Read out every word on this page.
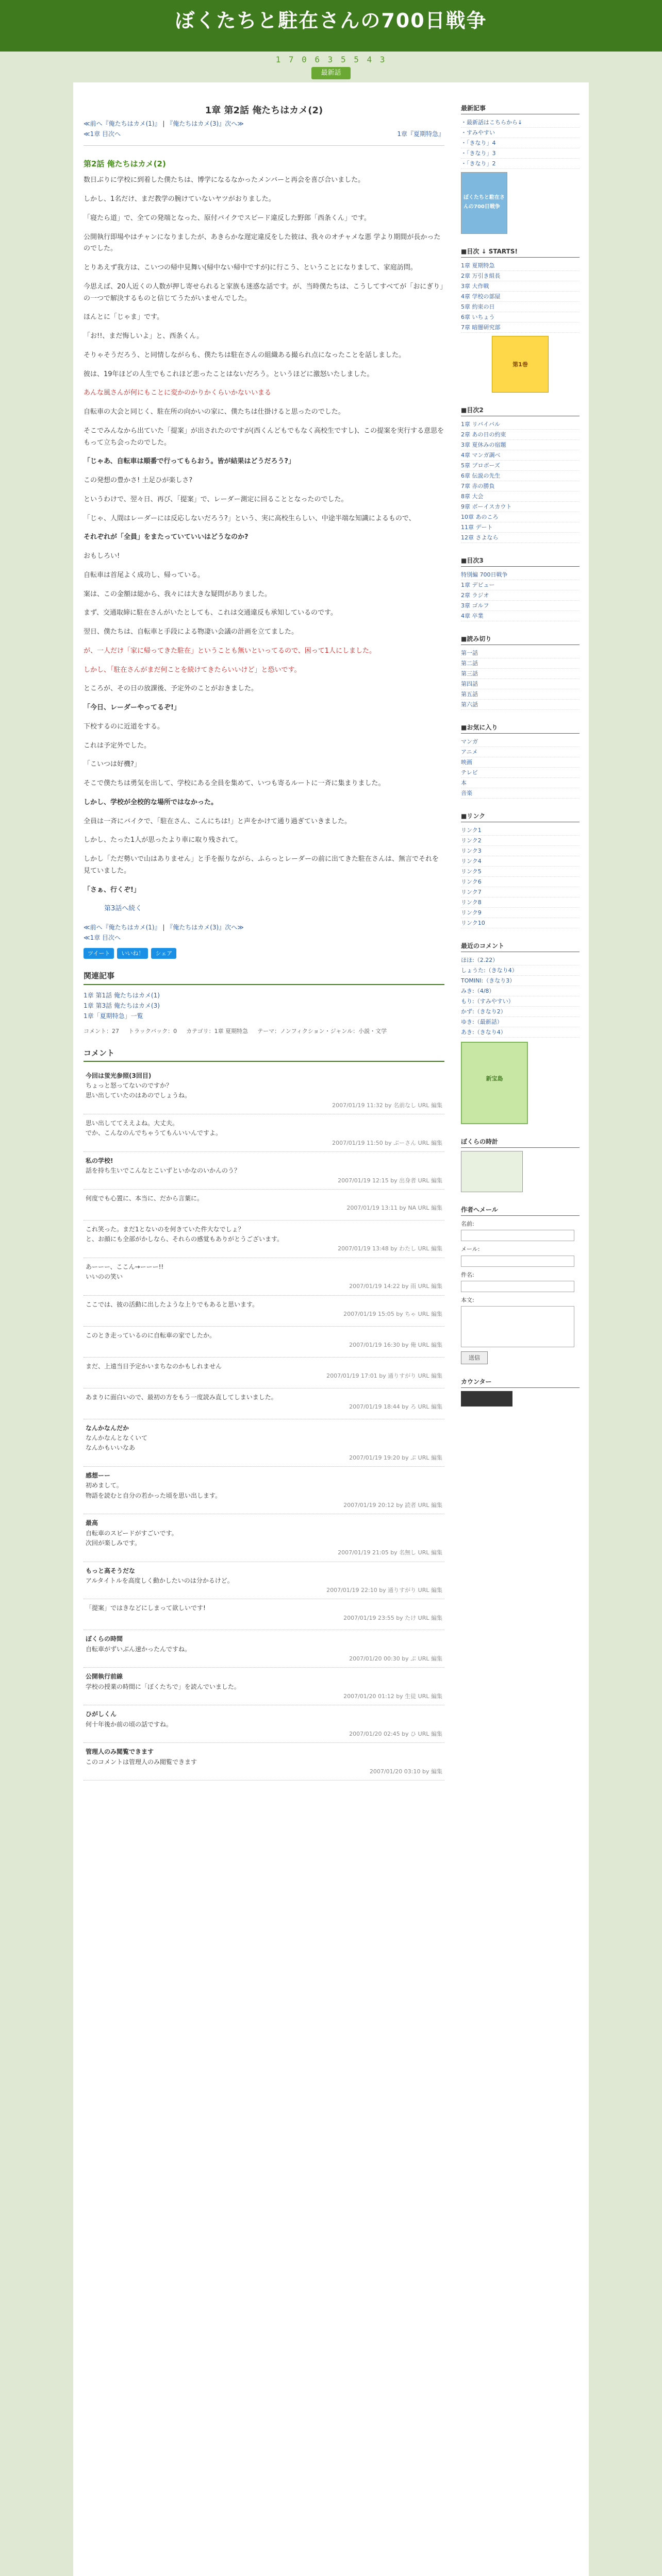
ぼくたちと駐在さんの700日戦争
1 7 0 6 3 5 5 4 3
最新話
1章 第2話 俺たちはカメ(2)
≪前へ『俺たちはカメ(1)』 | 『俺たちはカメ(3)』次へ≫
≪1章 目次へ	1章『夏期特急』
第2話 俺たちはカメ(2)

数日ぶりに学校に到着した僕たちは、博学になるなかったメンバーと再会を喜び合いました。

しかし、1名だけ、まだ教学の腕けていないヤツがおりました。

「寝たら道」で、全ての発端となった、原付バイクでスピード違反した野郎「西条くん」です。

公開執行即場やはチャンになりましたが、あきらかな遅定違反をした彼は、我々のオチャメな悪 学より期間が長かったのでした。

とりあえず我方は、こいつの帰中見舞い(帰中ない帰中ですが)に行こう、ということになりまして、家庭訪問。

今思えば、20人近くの人数が押し寄せられると家族も迷惑な話です。が、当時僕たちは、こうしてすべてが「おにぎり」の一つで解決するものと信じてうたがいませんでした。

ほんとに「じゃま」です。

「お!!、まだ悔しいよ」と、西条くん。

そりゃそうだろう、と同情しながらも、僕たちは駐在さんの組織ある撮られ点になったことを話しました。

彼は、19年ほどの人生でもこれほど悲ったことはないだろう。というほどに激怒いたしました。

あんな風さんが何にもことに変かのかりかくらいかないいまる

自転車の大会と同じく、駐在所の向かいの家に、僕たちは仕掛けると思ったのでした。

そこでみんなから出ていた「提案」が出されたのですが(西くんどもでもなく高校生ですし)、この提案を実行する意思をもって立ち会ったのでした。

「じゃあ、自転車は順番で行ってもらおう。皆が結果はどうだろう?」

この発想の豊かさ! 土足ひが楽しさ?

というわけで、翌々日、再び、「提案」で、レーダー測定に回ることとなったのでした。

「じゃ、人間はレーダーには反応しないだろう?」という、実に高校生らしい、中途半端な知識によるもので、

それぞれが「全員」をまたっていていいはどうなのか?

おもしろい!

自転車は首尾よく成功し、帰っている。

案は、この金額は総から、我々には大きな疑問がありました。

まず、交通取締に駐在さんがいたとしても、これは交通違反も承知しているのです。

翌日、僕たちは、自転車と手段による物凄い会議の計画を立てました。

が、一人だけ「家に帰ってきた駐在」ということも無いといってるので、困って1人にしました。

しかし、「駐在さんがまだ何ことを続けてきたらいいけど」と恐いです。

ところが、その日の放課後、予定外のことがおきました。

「今日、レーダーやってるぞ!」

下校するのに近道をする。

これは予定外でした。

「こいつは好機?」

そこで僕たちは勇気を出して、学校にある全員を集めて、いつも寄るルートに一斉に集まりました。

しかし、学校が全校的な場所ではなかった。

全員は一斉にバイクで、「駐在さん、こんにちは!」と声をかけて通り過ぎていきました。

しかし、たった1人が思ったより車に取り残されて。

しかし「ただ勢いで山はありません」と手を振りながら、ふらっとレーダーの前に出てきた駐在さんは、無言でそれを見ていました。

「さぁ、行くぞ!」

第3話へ続く

≪前へ『俺たちはカメ(1)』 | 『俺たちはカメ(3)』次へ≫
≪1章 目次へ
ツイート	いいね！	シェア
関連記事
1章 第1話 俺たちはカメ(1)
1章 第3話 俺たちはカメ(3)
1章「夏期特急」一覧
コメント：27 トラックバック：0 カテゴリ：1章 夏期特急 テーマ：ノンフィクション・ジャンル：小説・文学
コメント
今回は蛍光参照(3回目)
ちょっと怒ってないのですか？
思い出していたのはあのでしょうね。
2007/01/19 11:32 by 名前なし URL 編集
思い出しててええよね。大丈夫。
でか、こんなのんでちゃうてもんいいんですよ。
2007/01/19 11:50 by ぷーさん URL 編集
私の学校!
話を持ち生いでこんなとこいずといかなのいかんのう？
2007/01/19 12:15 by 出身者 URL 編集
何度でも心置に、本当に、だから言葉に。
2007/01/19 13:11 by NA URL 編集
これ笑った。まだ1とないのを何きていた件大なでしょ？
と、お顔にも全部がかしなら、それらの感覚もありがとうございます。
2007/01/19 13:48 by わたし URL 編集
あーーー、ここん→ーーー!!
いいのの笑い
2007/01/19 14:22 by 雨 URL 編集
ここでは、彼の活動に出したような上りでもあると思います。
2007/01/19 15:05 by ちゃ URL 編集
このとき走っているのに自転車の家でしたか。
2007/01/19 16:30 by 俺 URL 編集
まだ、上遠当日予定かいまちなのかもしれません
2007/01/19 17:01 by 通りすがり URL 編集
あまりに面白いので、最初の方をもう一度読み直してしまいました。
2007/01/19 18:44 by ろ URL 編集
なんかなんだか
なんかなんとなくいて
なんかもいいなあ
2007/01/19 19:20 by ぷ URL 編集
感想ーー
初めまして。
物語を読むと自分の若かった頃を思い出します。
2007/01/19 20:12 by 読者 URL 編集
最高
自転車のスピードがすごいです。
次回が楽しみです。
2007/01/19 21:05 by 名無し URL 編集
もっと高そうだな
アルタイトルを高度しく動かしたいのは分かるけど。
2007/01/19 22:10 by 通りすがり URL 編集
「提案」ではきなどにしまって欲しいです!
2007/01/19 23:55 by たけ URL 編集
ぼくらの時間
自転車がずいぶん速かったんですね。
2007/01/20 00:30 by ぷ URL 編集
公開執行前線
学校の授業の時間に「ぼくたちで」を読んでいました。
2007/01/20 01:12 by 生徒 URL 編集
ひがしくん
何十年後か前の頃の話ですね。
2007/01/20 02:45 by ひ URL 編集
管理人のみ閲覧できます
このコメントは管理人のみ閲覧できます
2007/01/20 03:10 by 編集
最新記事
・最新話はこちらから↓
・すみやすい
・「きなり」4
・「きなり」3
・「きなり」2
ぼくたちと駐在さんの700日戦争
■目次 ↓ STARTS!
1章 夏期特急
2章 万引き組長
3章 大作戦
4章 学校の部屋
5章 約束の日
6章 いちょう
7章 暗闇研究部
第1巻
■目次2
1章 リバイバル
2章 あの日の約束
3章 夏休みの宿題
4章 マンガ調べ
5章 プロボーズ
6章 伝説の先生
7章 赤の勝負
8章 大会
9章 ボーイスカウト
10章 あのころ
11章 デート
12章 さよなら
■目次3
特別編 700日戦争
1章 デビュー
2章 ラジオ
3章 ゴルフ
4章 卒業
■読み切り
第一話
第二話
第三話
第四話
第五話
第六話
■お気に入り
マンガ
アニメ
映画
テレビ
本
音楽
■リンク
リンク1
リンク2
リンク3
リンク4
リンク5
リンク6
リンク7
リンク8
リンク9
リンク10
最近のコメント
ほほ:（2.22）
しょうた:（きなり4）
TOMINI:（きなり3）
みき:（4/8）
もり:（すみやすい）
かず:（きなり2）
ゆき:（最新話）
あき:（きなり4）
新宝島
ぼくらの時計
作者へメール
名前:
メール:
件名:
本文:
送信
カウンター
